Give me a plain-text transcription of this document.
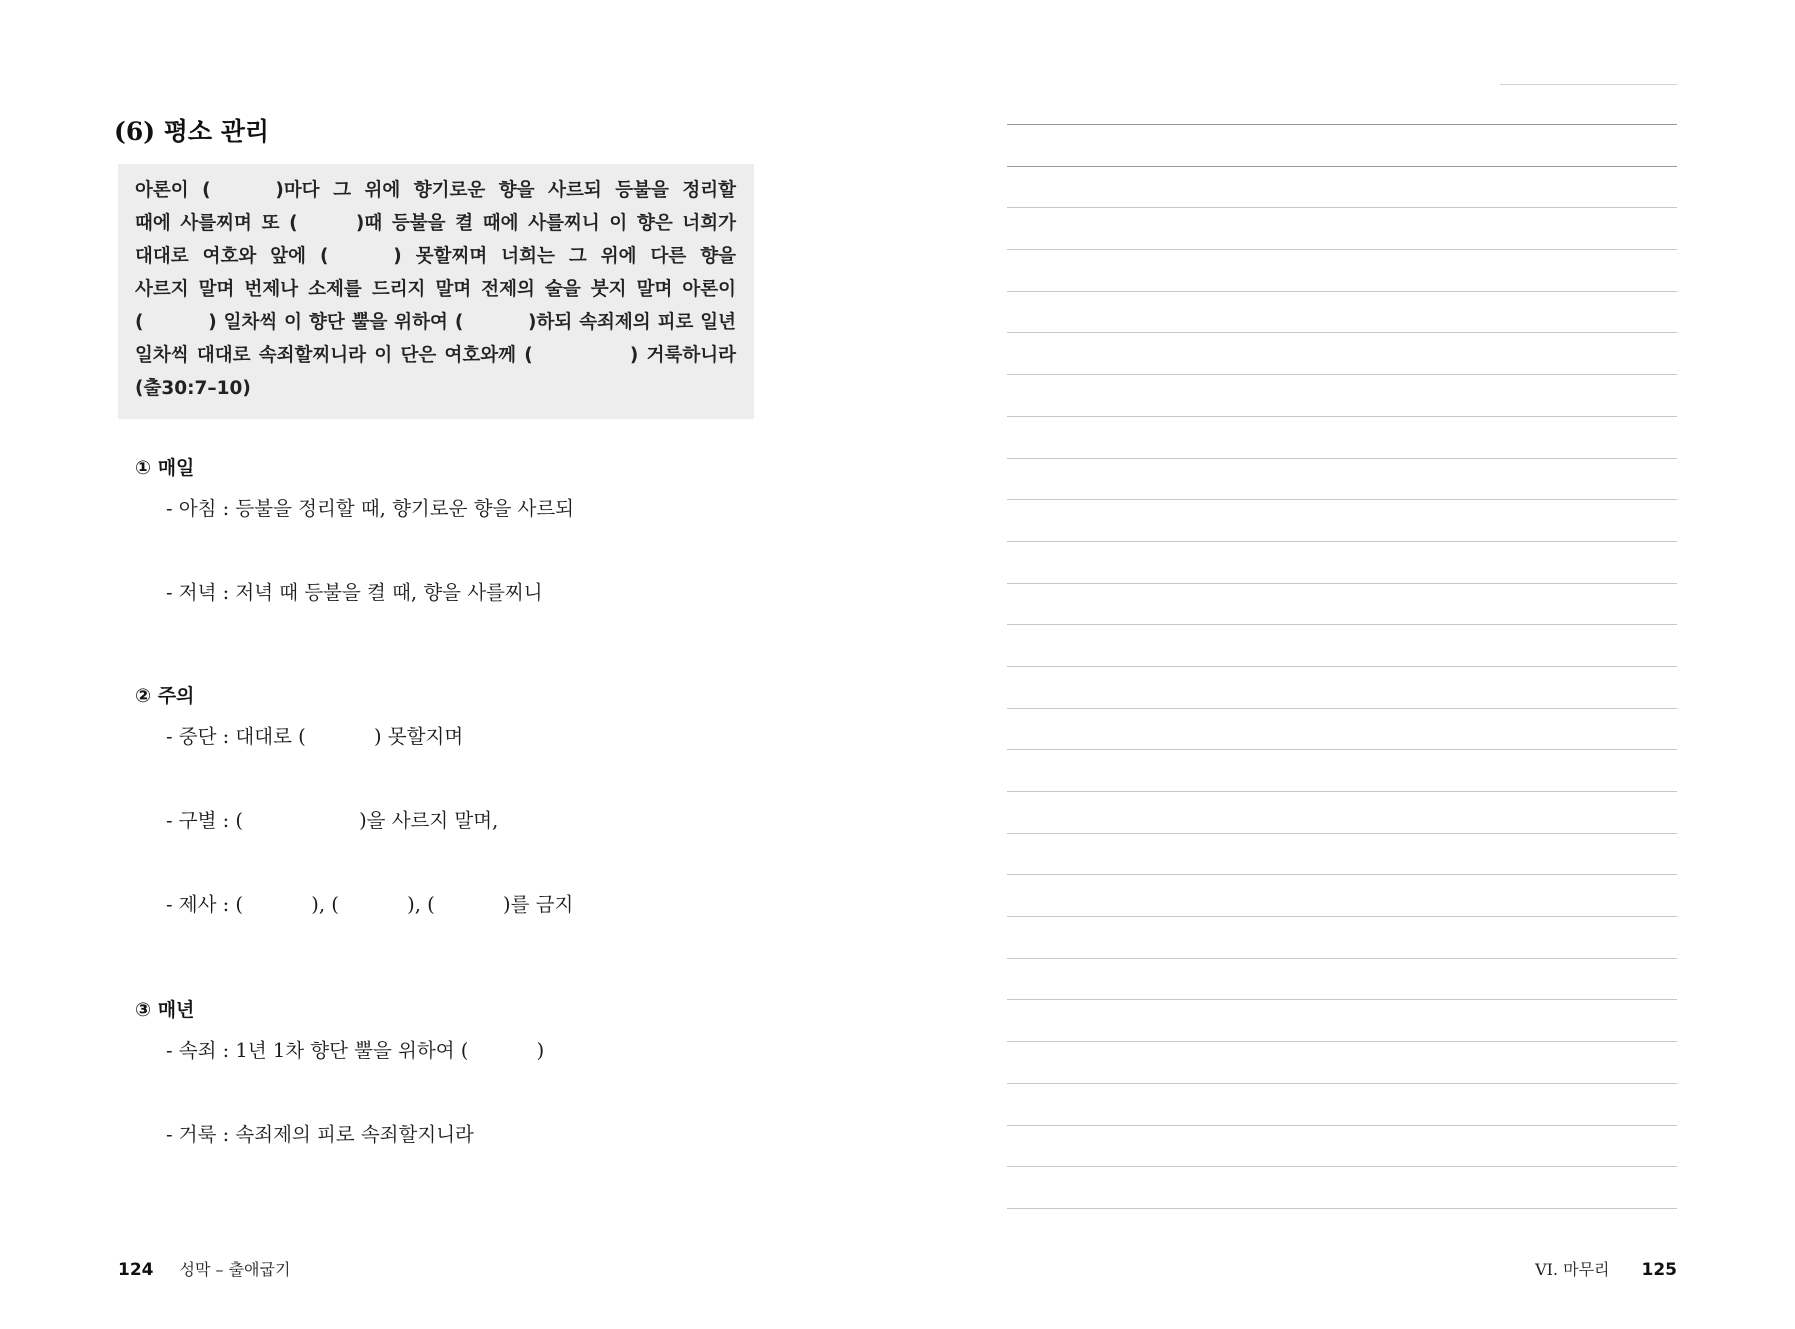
(6) 평소 관리
아론이 (	)마다 그 위에 향기로운 향을 사르되 등불을 정리할
때에 사를찌며 또 (	)때 등불을 켤 때에 사를찌니 이 향은 너희가
대대로 여호와 앞에 (	) 못할찌며 너희는 그 위에 다른 향을
사르지 말며 번제나 소제를 드리지 말며 전제의 술을 붓지 말며 아론이
(	) 일차씩 이 향단 뿔을 위하여 (	)하되 속죄제의 피로 일년
일차씩 대대로 속죄할찌니라 이 단은 여호와께 (	) 거룩하니라
(출30:7–10)
① 매일
- 아침 : 등불을 정리할 때, 향기로운 향을 사르되
- 저녁 : 저녁 때 등불을 켤 때, 향을 사를찌니
② 주의
- 중단 : 대대로 (	) 못할지며
- 구별 : (	)을 사르지 말며,
- 제사 : (	), (	), (	)를 금지
③ 매년
- 속죄 : 1년 1차 향단 뿔을 위하여 (	)
- 거룩 : 속죄제의 피로 속죄할지니라
124 성막 – 출애굽기	VI. 마무리 125
